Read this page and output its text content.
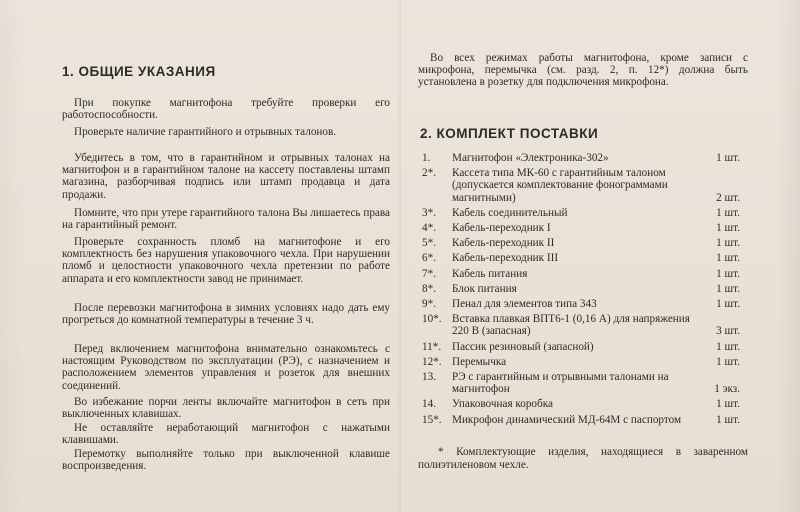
1. ОБЩИЕ УКАЗАНИЯ

При покупке магнитофона требуйте проверки его работоспособности.

Проверьте наличие гарантийного и отрывных талонов.

Убедитесь в том, что в гарантийном и отрывных талонах на магнитофон и в гарантийном талоне на кассету поставлены штамп магазина, разборчивая подпись или штамп продавца и дата продажи.

Помните, что при утере гарантийного талона Вы лишаетесь права на гарантийный ремонт.

Проверьте сохранность пломб на магнитофоне и его комплектность без нарушения упаковочного чехла. При нарушении пломб и целостности упаковочного чехла претензии по работе аппарата и его комплектности завод не принимает.

После перевозки магнитофона в зимних условиях надо дать ему прогреться до комнатной температуры в течение 3 ч.

Перед включением магнитофона внимательно ознакомьтесь с настоящим Руководством по эксплуатации (РЭ), с назначением и расположением элементов управления и розеток для внешних соединений.

Во избежание порчи ленты включайте магнитофон в сеть при выключенных клавишах.

Не оставляйте неработающий магнитофон с нажатыми клавишами.

Перемотку выполняйте только при выключенной клавише воспроизведения.

Во всех режимах работы магнитофона, кроме записи с микрофона, перемычка (см. разд. 2, п. 12*) должна быть установлена в розетку для подключения микрофона.

2. КОМПЛЕКТ ПОСТАВКИ
1.	Магнитофон «Электроника-302»	1 шт.
2*.	Кассета типа МК-60 с гарантийным талоном (допускается комплектование фонограммами магнитными)	2 шт.
3*.	Кабель соединительный	1 шт.
4*.	Кабель-переходник I	1 шт.
5*.	Кабель-переходник II	1 шт.
6*.	Кабель-переходник III	1 шт.
7*.	Кабель питания	1 шт.
8*.	Блок питания	1 шт.
9*.	Пенал для элементов типа 343	1 шт.
10*. Вставка плавкая ВПТ6-1 (0,16 А) для напряжения 220 В (запасная)	3 шт.
11*. Пассик резиновый (запасной)	1 шт.
12*. Перемычка	1 шт.
13.	РЭ с гарантийным и отрывными талонами на магнитофон	1 экз.
14.	Упаковочная коробка	1 шт.
15*. Микрофон динамический МД-64М с паспортом	1 шт.
* Комплектующие изделия, находящиеся в заваренном полиэтиленовом чехле.
